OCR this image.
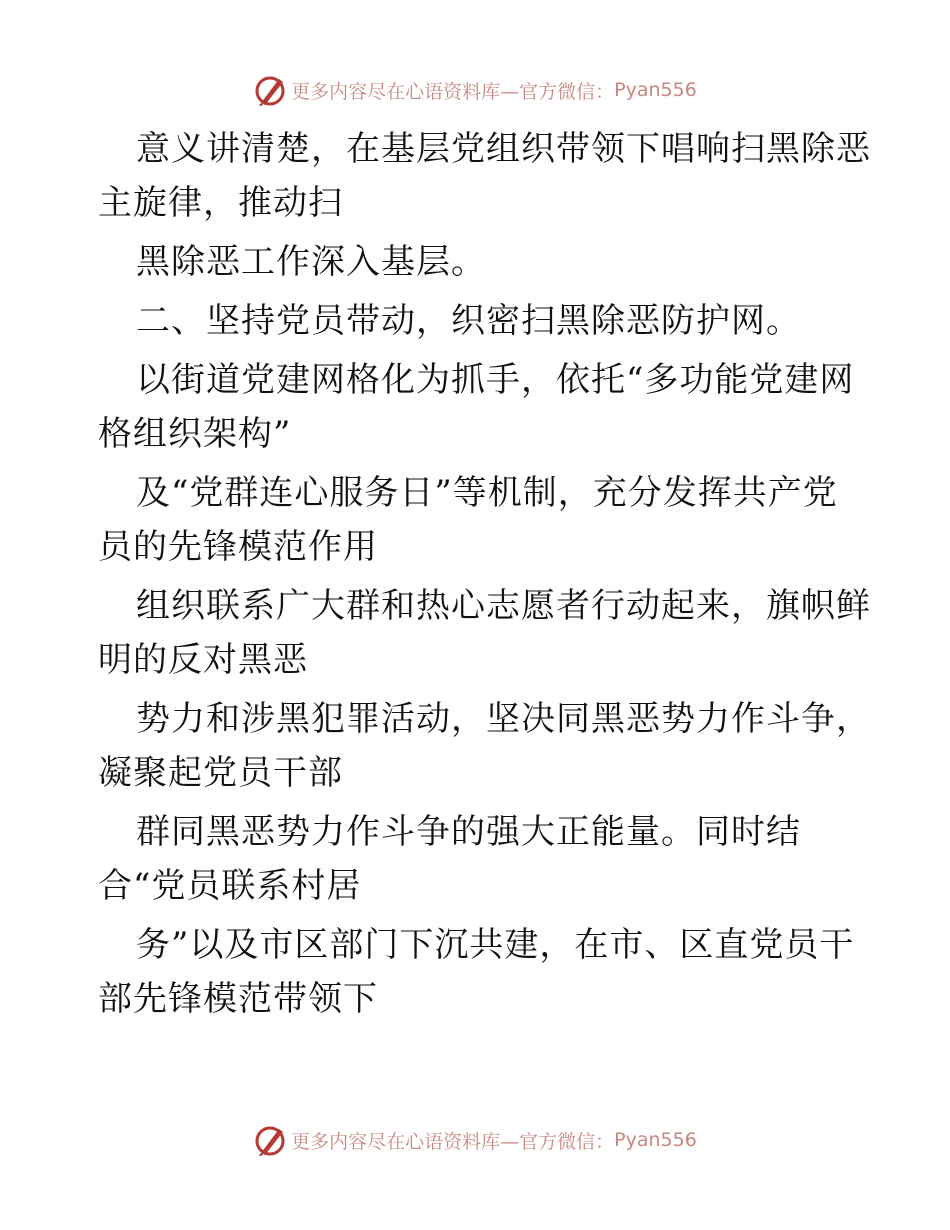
更多内容尽在心语资料库—官方微信： Pyan556
意义讲清楚，在基层党组织带领下唱响扫黑除恶
主旋律，推动扫
黑除恶工作深入基层。
二、坚持党员带动，织密扫黑除恶防护网。
以街道党建网格化为抓手，依托“多功能党建网
格组织架构”
及“党群连心服务日”等机制，充分发挥共产党
员的先锋模范作用
组织联系广大群和热心志愿者行动起来，旗帜鲜
明的反对黑恶
势力和涉黑犯罪活动，坚决同黑恶势力作斗争，
凝聚起党员干部
群同黑恶势力作斗争的强大正能量。同时结
合“党员联系村居
务”以及市区部门下沉共建，在市、区直党员干
部先锋模范带领下
更多内容尽在心语资料库—官方微信： Pyan556
